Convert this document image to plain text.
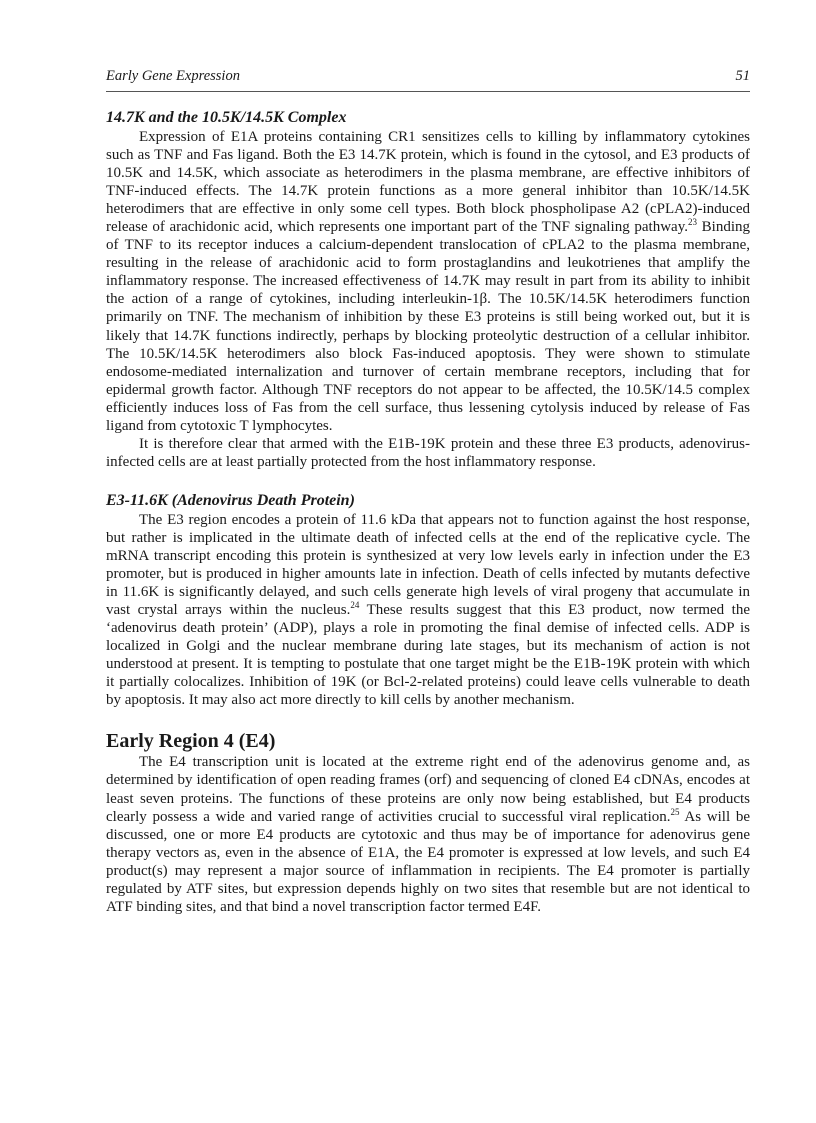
Early Gene Expression	51
14.7K and the 10.5K/14.5K Complex

Expression of E1A proteins containing CR1 sensitizes cells to killing by inflammatory cytokines such as TNF and Fas ligand. Both the E3 14.7K protein, which is found in the cytosol, and E3 products of 10.5K and 14.5K, which associate as heterodimers in the plasma membrane, are effective inhibitors of TNF-induced effects. The 14.7K protein functions as a more general inhibitor than 10.5K/14.5K heterodimers that are effective in only some cell types. Both block phospholipase A2 (cPLA2)-induced release of arachidonic acid, which represents one important part of the TNF signaling pathway.$^{23}$ Binding of TNF to its receptor induces a calcium-dependent translocation of cPLA2 to the plasma membrane, resulting in the release of arachidonic acid to form prostaglandins and leukotrienes that amplify the inflammatory response. The increased effectiveness of 14.7K may result in part from its ability to inhibit the action of a range of cytokines, including interleukin-1β. The 10.5K/14.5K heterodimers function primarily on TNF. The mechanism of inhibition by these E3 proteins is still being worked out, but it is likely that 14.7K functions indirectly, perhaps by blocking proteolytic destruction of a cellular inhibitor. The 10.5K/14.5K heterodimers also block Fas-induced apoptosis. They were shown to stimulate endosome-mediated internalization and turnover of certain membrane receptors, including that for epidermal growth factor. Although TNF receptors do not appear to be affected, the 10.5K/14.5 complex efficiently induces loss of Fas from the cell surface, thus lessening cytolysis induced by release of Fas ligand from cytotoxic T lymphocytes.

It is therefore clear that armed with the E1B-19K protein and these three E3 products, adenovirus-infected cells are at least partially protected from the host inflammatory response.

E3-11.6K (Adenovirus Death Protein)

The E3 region encodes a protein of 11.6 kDa that appears not to function against the host response, but rather is implicated in the ultimate death of infected cells at the end of the replicative cycle. The mRNA transcript encoding this protein is synthesized at very low levels early in infection under the E3 promoter, but is produced in higher amounts late in infection. Death of cells infected by mutants defective in 11.6K is significantly delayed, and such cells generate high levels of viral progeny that accumulate in vast crystal arrays within the nucleus.$^{24}$ These results suggest that this E3 product, now termed the ‘adenovirus death protein’ (ADP), plays a role in promoting the final demise of infected cells. ADP is localized in Golgi and the nuclear membrane during late stages, but its mechanism of action is not understood at present. It is tempting to postulate that one target might be the E1B-19K protein with which it partially colocalizes. Inhibition of 19K (or Bcl-2-related proteins) could leave cells vulnerable to death by apoptosis. It may also act more directly to kill cells by another mechanism.

Early Region 4 (E4)

The E4 transcription unit is located at the extreme right end of the adenovirus genome and, as determined by identification of open reading frames (orf) and sequencing of cloned E4 cDNAs, encodes at least seven proteins. The functions of these proteins are only now being established, but E4 products clearly possess a wide and varied range of activities crucial to successful viral replication.$^{25}$ As will be discussed, one or more E4 products are cytotoxic and thus may be of importance for adenovirus gene therapy vectors as, even in the absence of E1A, the E4 promoter is expressed at low levels, and such E4 product(s) may represent a major source of inflammation in recipients. The E4 promoter is partially regulated by ATF sites, but expression depends highly on two sites that resemble but are not identical to ATF binding sites, and that bind a novel transcription factor termed E4F.
